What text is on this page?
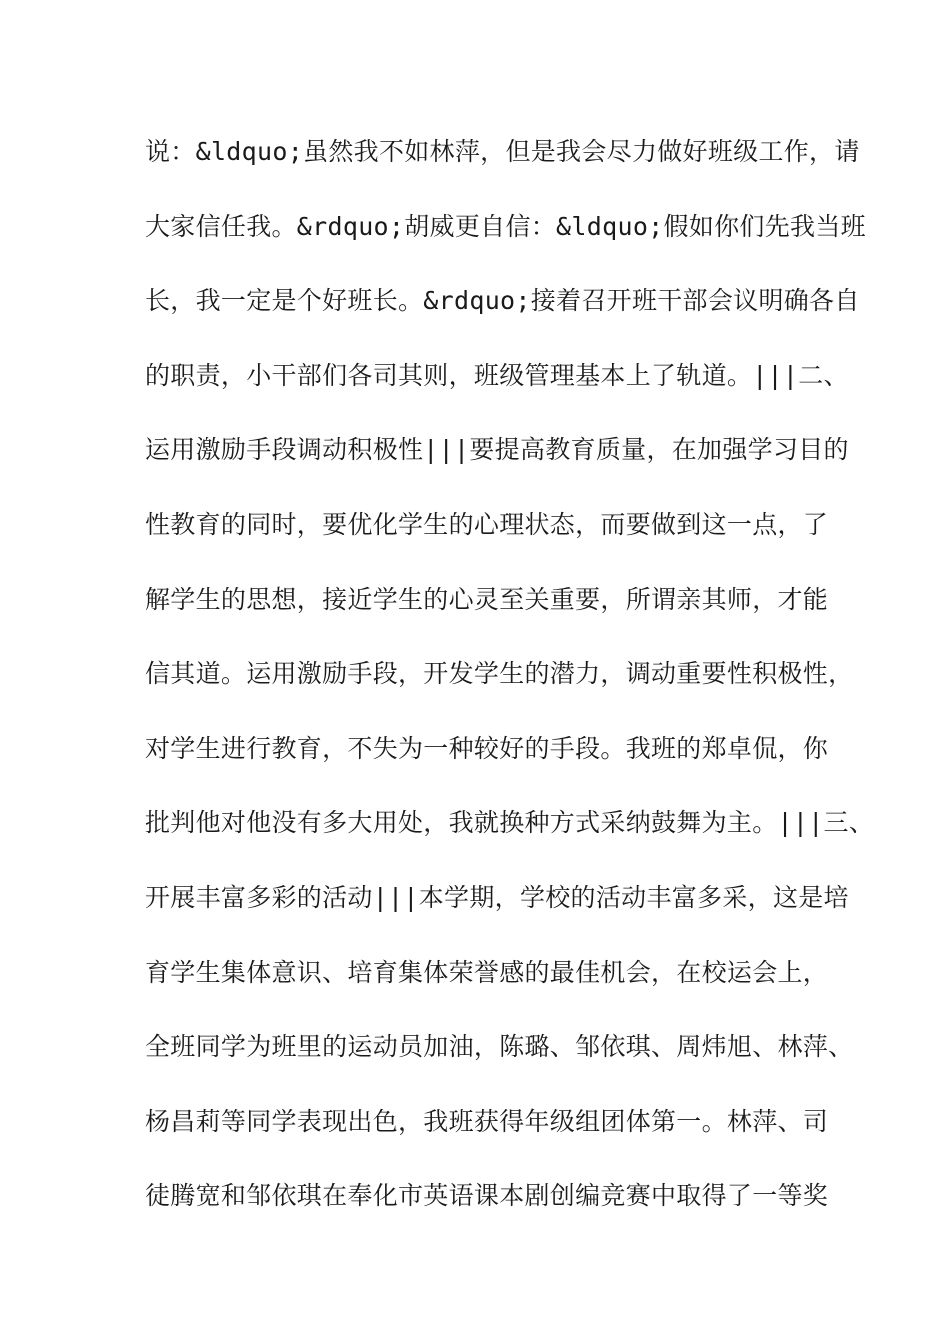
说：&ldquo;虽然我不如林萍，但是我会尽力做好班级工作，请
大家信任我。&rdquo;胡威更自信：&ldquo;假如你们先我当班
长，我一定是个好班长。&rdquo;接着召开班干部会议明确各自
的职责，小干部们各司其则，班级管理基本上了轨道。|||二、
运用激励手段调动积极性|||要提高教育质量，在加强学习目的
性教育的同时，要优化学生的心理状态，而要做到这一点，了
解学生的思想，接近学生的心灵至关重要，所谓亲其师，才能
信其道。运用激励手段，开发学生的潜力，调动重要性积极性，
对学生进行教育，不失为一种较好的手段。我班的郑卓侃，你
批判他对他没有多大用处，我就换种方式采纳鼓舞为主。|||三、
开展丰富多彩的活动|||本学期，学校的活动丰富多采，这是培
育学生集体意识、培育集体荣誉感的最佳机会，在校运会上，
全班同学为班里的运动员加油，陈璐、邹依琪、周炜旭、林萍、
杨昌莉等同学表现出色，我班获得年级组团体第一。林萍、司
徒腾宽和邹依琪在奉化市英语课本剧创编竞赛中取得了一等奖
